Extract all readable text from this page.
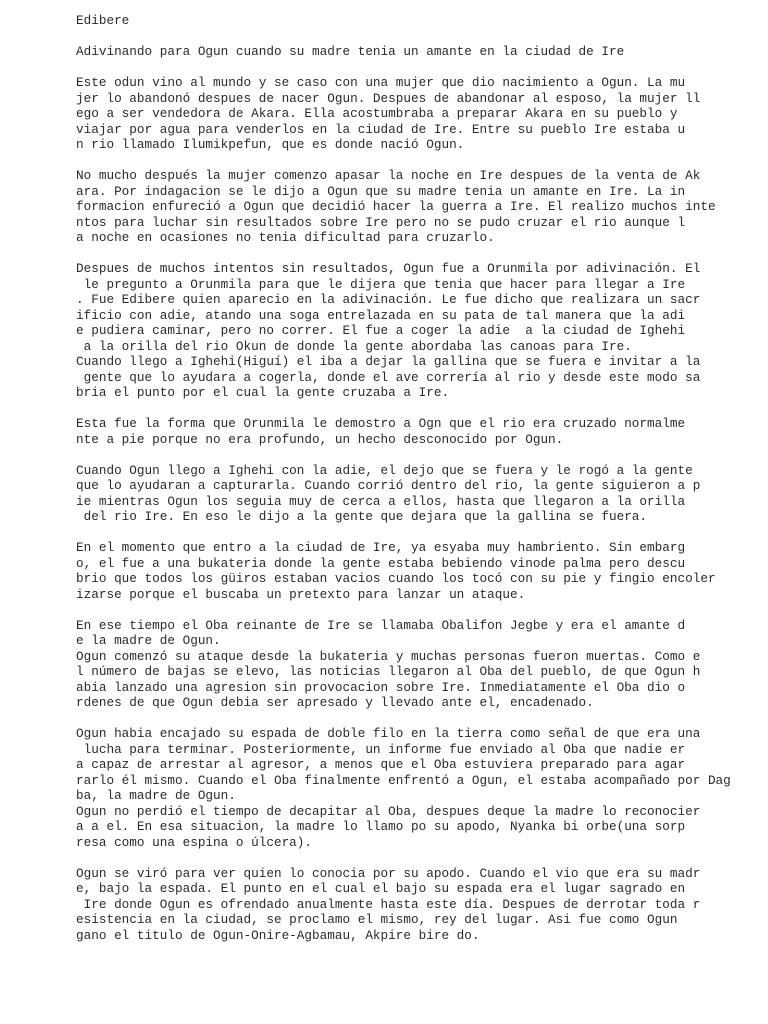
Edibere
Adivinando para Ogun cuando su madre tenia un amante en la ciudad de Ire
Este odun vino al mundo y se caso con una mujer que dio nacimiento a Ogun. La mu
jer lo abandonó despues de nacer Ogun. Despues de abandonar al esposo, la mujer ll
ego a ser vendedora de Akara. Ella acostumbraba a preparar Akara en su pueblo y
viajar por agua para venderlos en la ciudad de Ire. Entre su pueblo Ire estaba u
n rio llamado Ilumikpefun, que es donde nació Ogun.
No mucho después la mujer comenzo apasar la noche en Ire despues de la venta de Ak
ara. Por indagacion se le dijo a Ogun que su madre tenia un amante en Ire. La in
formacion enfureció a Ogun que decidió hacer la guerra a Ire. El realizo muchos inte
ntos para luchar sin resultados sobre Ire pero no se pudo cruzar el rio aunque l
a noche en ocasiones no tenia dificultad para cruzarlo.
Despues de muchos intentos sin resultados, Ogun fue a Orunmila por adivinación. El
le pregunto a Orunmila para que le dijera que tenia que hacer para llegar a Ire
. Fue Edibere quien aparecio en la adivinación. Le fue dicho que realizara un sacr
ificio con adie, atando una soga entrelazada en su pata de tal manera que la adi
e pudiera caminar, pero no correr. El fue a coger la adie  a la ciudad de Ighehi
a la orilla del rio Okun de donde la gente abordaba las canoas para Ire.
Cuando llego a Ighehi(Higuí) el iba a dejar la gallina que se fuera e invitar a la
gente que lo ayudara a cogerla, donde el ave correría al rio y desde este modo sa
bria el punto por el cual la gente cruzaba a Ire.
Esta fue la forma que Orunmila le demostro a Ogn que el rio era cruzado normalme
nte a pie porque no era profundo, un hecho desconocido por Ogun.
Cuando Ogun llego a Ighehi con la adie, el dejo que se fuera y le rogó a la gente
que lo ayudaran a capturarla. Cuando corrió dentro del rio, la gente siguieron a p
ie mientras Ogun los seguia muy de cerca a ellos, hasta que llegaron a la orilla
del rio Ire. En eso le dijo a la gente que dejara que la gallina se fuera.
En el momento que entro a la ciudad de Ire, ya esyaba muy hambriento. Sin embarg
o, el fue a una bukateria donde la gente estaba bebiendo vinode palma pero descu
brio que todos los güiros estaban vacios cuando los tocó con su pie y fingio encoler
izarse porque el buscaba un pretexto para lanzar un ataque.
En ese tiempo el Oba reinante de Ire se llamaba Obalifon Jegbe y era el amante d
e la madre de Ogun.
Ogun comenzó su ataque desde la bukateria y muchas personas fueron muertas. Como e
l número de bajas se elevo, las noticias llegaron al Oba del pueblo, de que Ogun h
abia lanzado una agresion sin provocacion sobre Ire. Inmediatamente el Oba dio o
rdenes de que Ogun debia ser apresado y llevado ante el, encadenado.
Ogun habia encajado su espada de doble filo en la tierra como señal de que era una
lucha para terminar. Posteriormente, un informe fue enviado al Oba que nadie er
a capaz de arrestar al agresor, a menos que el Oba estuviera preparado para agar
rarlo él mismo. Cuando el Oba finalmente enfrentó a Ogun, el estaba acompañado por Dag
ba, la madre de Ogun.
Ogun no perdió el tiempo de decapitar al Oba, despues deque la madre lo reconocier
a a el. En esa situacion, la madre lo llamo po su apodo, Nyanka bi orbe(una sorp
resa como una espina o úlcera).
Ogun se viró para ver quien lo conocia por su apodo. Cuando el vio que era su madr
e, bajo la espada. El punto en el cual el bajo su espada era el lugar sagrado en
Ire donde Ogun es ofrendado anualmente hasta este día. Despues de derrotar toda r
esistencia en la ciudad, se proclamo el mismo, rey del lugar. Asi fue como Ogun
gano el titulo de Ogun-Onire-Agbamau, Akpire bire do.
